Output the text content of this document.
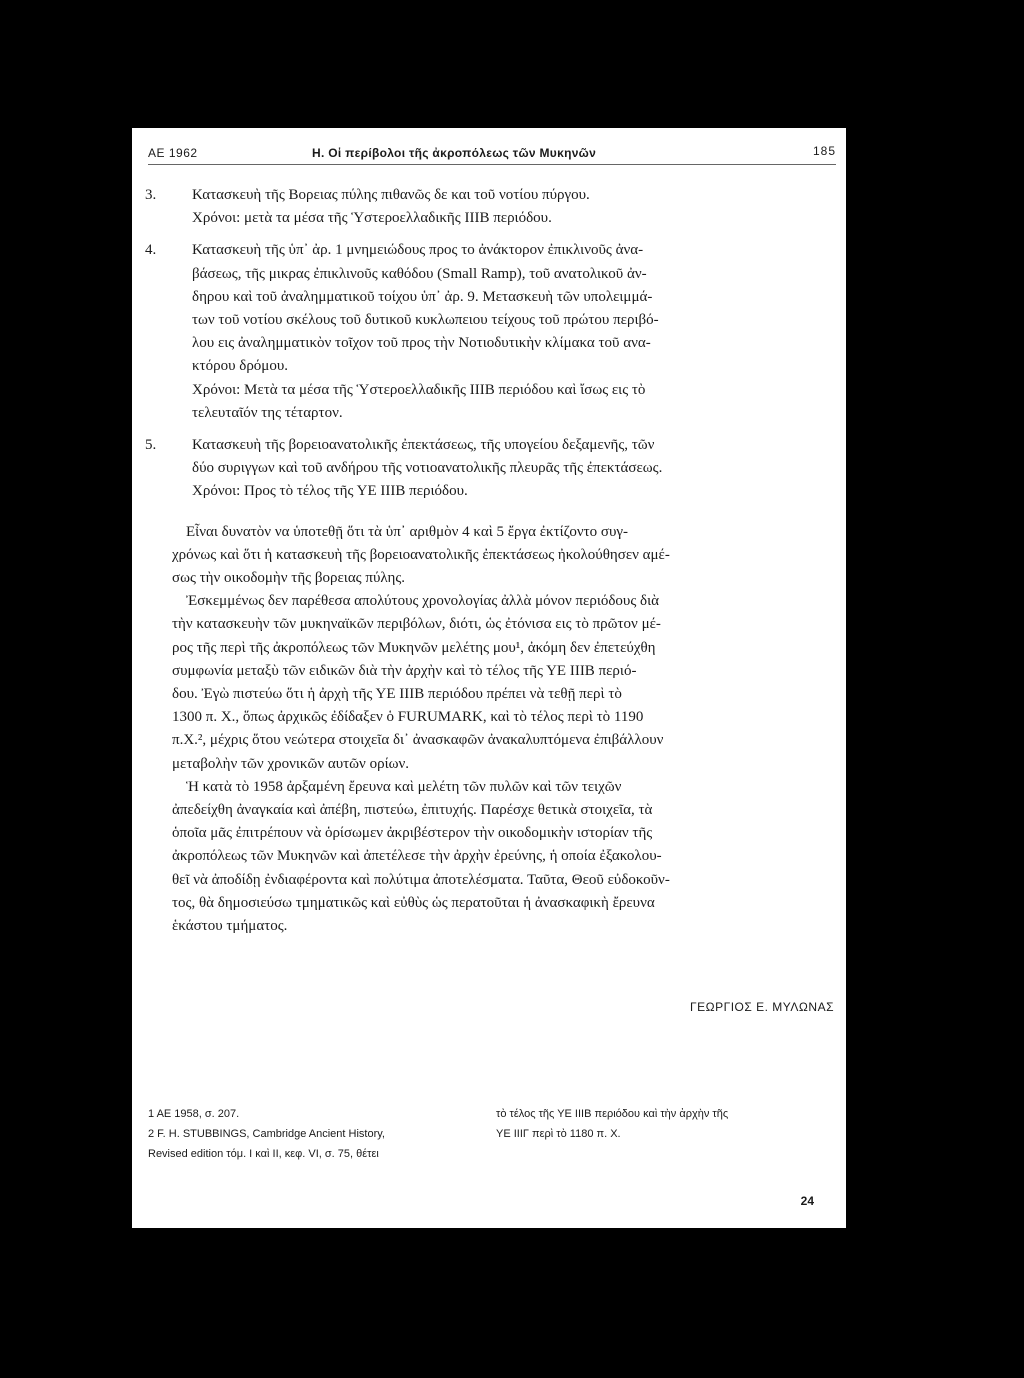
ΑΕ 1962	Η. Οἱ περίβολοι τῆς ἀκροπόλεως τῶν Μυκηνῶν	185
3. Κατασκευὴ τῆς Βορειας πύλης πιθανῶς δε και τοῦ νοτίου πύργου.

Χρόνοι: μετὰ τα μέσα τῆς Ὑστεροελλαδικῆς ΙΙΙΒ περιόδου.

4. Κατασκευὴ τῆς ὑπ᾽ ἀρ. 1 μνημειώδους προς το ἀνάκτορον ἐπικλινοῦς ἀνα-

βάσεως, τῆς μικρας ἐπικλινοῦς καθόδου (Small Ramp), τοῦ ανατολικοῦ ἀν-

δηρου καὶ τοῦ ἀναλημματικοῦ τοίχου ὑπ᾽ ἀρ. 9. Μετασκευὴ τῶν υπολειμμά-

των τοῦ νοτίου σκέλους τοῦ δυτικοῦ κυκλωπειου τείχους τοῦ πρώτου περιβό-

λου εις ἀναλημματικὸν τοῖχον τοῦ προς τὴν Νοτιοδυτικὴν κλίμακα τοῦ ανα-

κτόρου δρόμου.

Χρόνοι: Μετὰ τα μέσα τῆς Ὑστεροελλαδικῆς ΙΙΙΒ περιόδου καὶ ἴσως εις τὸ

τελευταῖόν της τέταρτον.

5. Κατασκευὴ τῆς βορειοανατολικῆς ἐπεκτάσεως, τῆς υπογείου δεξαμενῆς, τῶν

δύο συριγγων καὶ τοῦ ανδήρου τῆς νοτιοανατολικῆς πλευρᾶς τῆς ἐπεκτάσεως.

Χρόνοι: Προς τὸ τέλος τῆς ΥΕ ΙΙΙΒ περιόδου.

Εἶναι δυνατὸν να ὑποτεθῇ ὅτι τὰ ὑπ᾽ αριθμὸν 4 καὶ 5 ἔργα ἐκτίζοντο συγ-
χρόνως καὶ ὅτι ἡ κατασκευὴ τῆς βορειοανατολικῆς ἐπεκτάσεως ἠκολούθησεν αμέ-
σως τὴν οικοδομὴν τῆς βορειας πύλης.
Ἐσκεμμένως δεν παρέθεσα απολύτους χρονολογίας ἀλλὰ μόνον περιόδους διὰ
τὴν κατασκευὴν τῶν μυκηναϊκῶν περιβόλων, διότι, ὡς ἐτόνισα εις τὸ πρῶτον μέ-
ρος τῆς περὶ τῆς ἀκροπόλεως τῶν Μυκηνῶν μελέτης μου¹, ἀκόμη δεν ἐπετεύχθη
συμφωνία μεταξὺ τῶν ειδικῶν διὰ τὴν ἀρχὴν καὶ τὸ τέλος τῆς ΥΕ ΙΙΙΒ περιό-
δου. Ἐγὼ πιστεύω ὅτι ἡ ἀρχὴ τῆς ΥΕ ΙΙΙΒ περιόδου πρέπει νὰ τεθῇ περὶ τὸ
1300 π. Χ., ὅπως ἀρχικῶς ἐδίδαξεν ὁ FURUMARK, καὶ τὸ τέλος περὶ τὸ 1190
π.Χ.², μέχρις ὅτου νεώτερα στοιχεῖα δι᾽ ἀνασκαφῶν ἀνακαλυπτόμενα ἐπιβάλλουν
μεταβολὴν τῶν χρονικῶν αυτῶν ορίων.
Ἡ κατὰ τὸ 1958 ἀρξαμένη ἔρευνα καὶ μελέτη τῶν πυλῶν καὶ τῶν τειχῶν
ἀπεδείχθη ἀναγκαία καὶ ἀπέβη, πιστεύω, ἐπιτυχής. Παρέσχε θετικὰ στοιχεῖα, τὰ
ὁποῖα μᾶς ἐπιτρέπουν νὰ ὁρίσωμεν ἀκριβέστερον τὴν οικοδομικὴν ιστορίαν τῆς
ἀκροπόλεως τῶν Μυκηνῶν καὶ ἀπετέλεσε τὴν ἀρχὴν ἐρεύνης, ἡ οποία ἐξακολου-
θεῖ νὰ ἀποδίδῃ ἐνδιαφέροντα καὶ πολύτιμα ἀποτελέσματα. Ταῦτα, Θεοῦ εὐδοκοῦν-
τος, θὰ δημοσιεύσω τμηματικῶς καὶ εὐθὺς ὡς περατοῦται ἡ ἀνασκαφικὴ ἔρευνα
ἑκάστου τμήματος.
ΓΕΩΡΓΙΟΣ Ε. ΜΥΛΩΝΑΣ
1 ΑΕ 1958, σ. 207.
2 F. H. STUBBINGS, Cambridge Ancient History,
Revised edition τόμ. Ι καὶ ΙΙ, κεφ. VI, σ. 75, θέτει
τὸ τέλος τῆς ΥΕ ΙΙΙΒ περιόδου καὶ τὴν ἀρχὴν τῆς
ΥΕ ΙΙΙΓ περὶ τὸ 1180 π. Χ.
24
